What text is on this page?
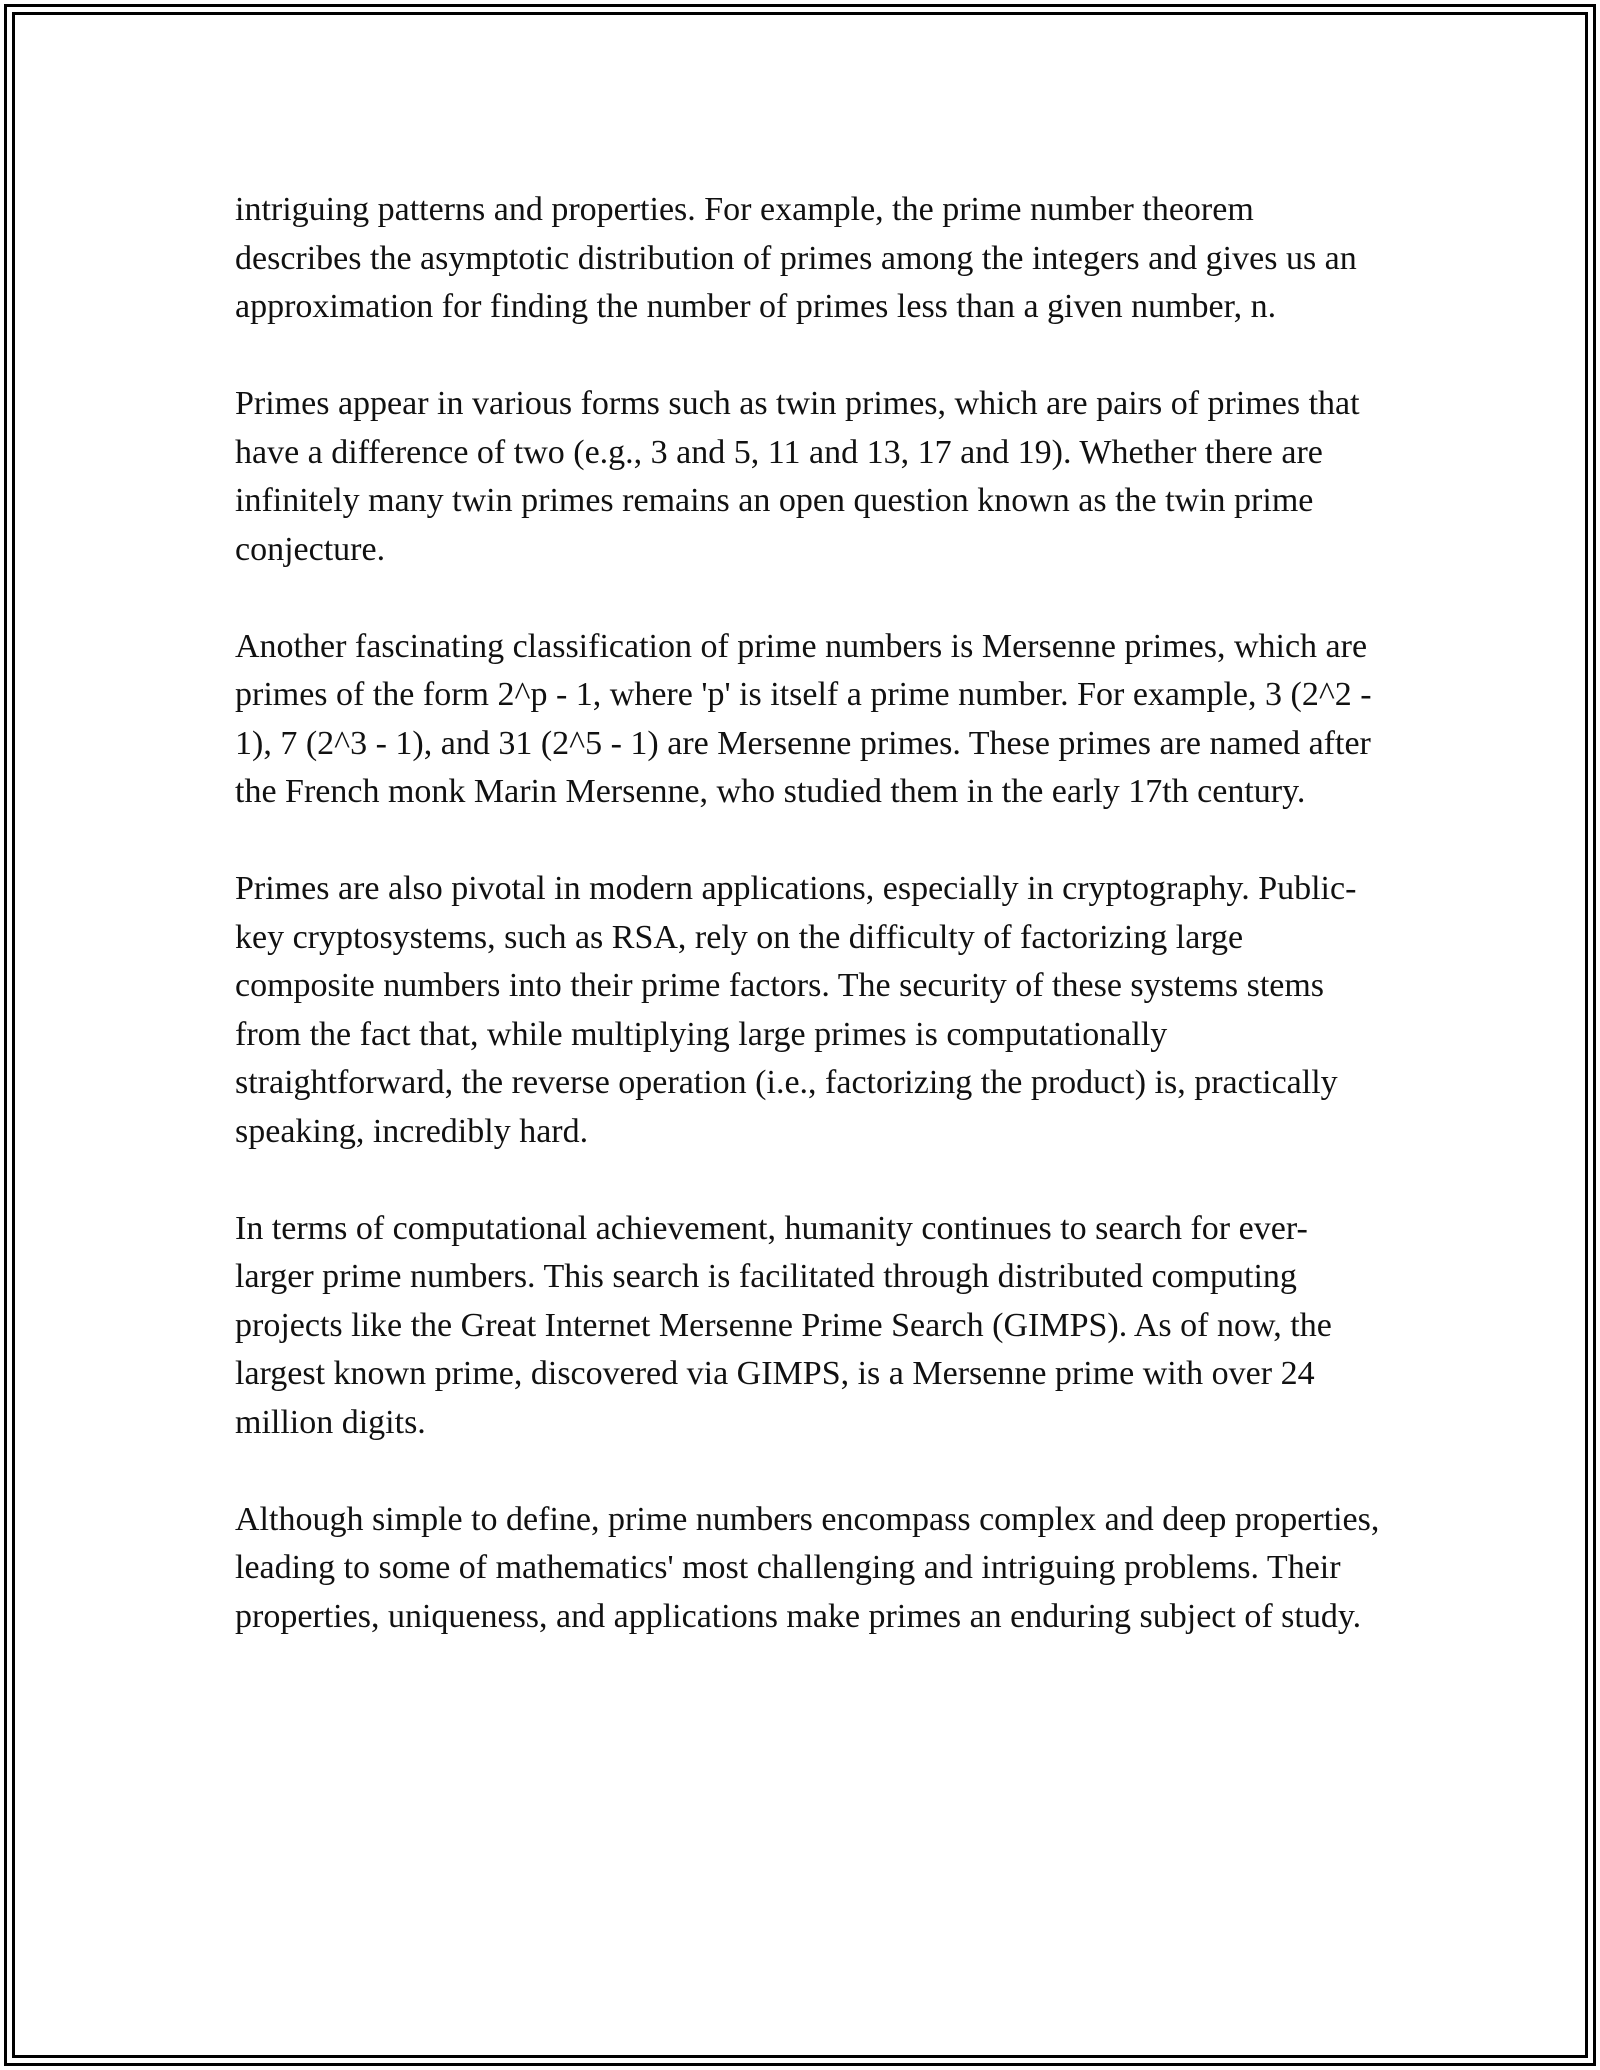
intriguing patterns and properties. For example, the prime number theorem describes the asymptotic distribution of primes among the integers and gives us an approximation for finding the number of primes less than a given number, n.

Primes appear in various forms such as twin primes, which are pairs of primes that have a difference of two (e.g., 3 and 5, 11 and 13, 17 and 19). Whether there are infinitely many twin primes remains an open question known as the twin prime conjecture.

Another fascinating classification of prime numbers is Mersenne primes, which are primes of the form 2^p - 1, where 'p' is itself a prime number. For example, 3 (2^2 - 1), 7 (2^3 - 1), and 31 (2^5 - 1) are Mersenne primes. These primes are named after the French monk Marin Mersenne, who studied them in the early 17th century.

Primes are also pivotal in modern applications, especially in cryptography. Public-key cryptosystems, such as RSA, rely on the difficulty of factorizing large composite numbers into their prime factors. The security of these systems stems from the fact that, while multiplying large primes is computationally straightforward, the reverse operation (i.e., factorizing the product) is, practically speaking, incredibly hard.

In terms of computational achievement, humanity continues to search for ever-larger prime numbers. This search is facilitated through distributed computing projects like the Great Internet Mersenne Prime Search (GIMPS). As of now, the largest known prime, discovered via GIMPS, is a Mersenne prime with over 24 million digits.

Although simple to define, prime numbers encompass complex and deep properties, leading to some of mathematics' most challenging and intriguing problems. Their properties, uniqueness, and applications make primes an enduring subject of study.
